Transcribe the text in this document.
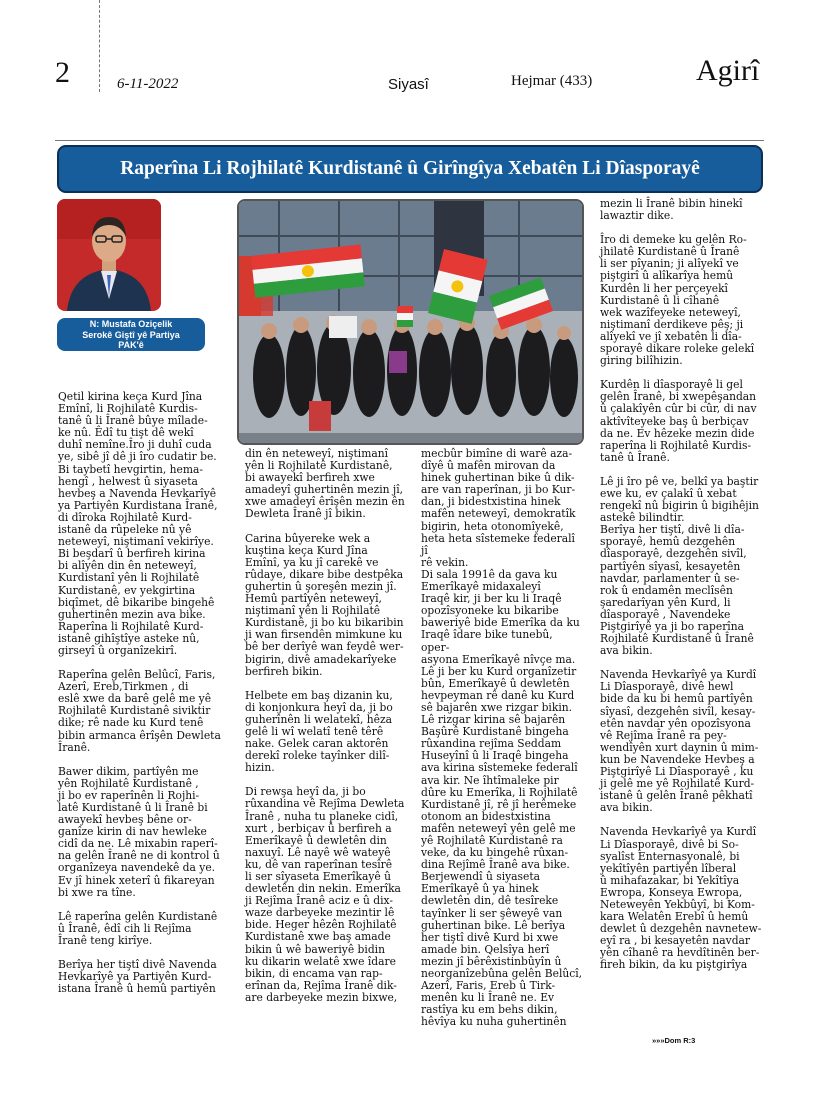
2	6-11-2022	Siyasî	Hejmar (433)	Agirî
Raperîna Li Rojhilatê Kurdistanê û Girîngîya Xebatên Li Dîasporayê
N: Mustafa Oziçelik
Serokê Giştî yê Partiya
PAK'ê

Qetil kirina keça Kurd Jîna
Emînî, li Rojhilatê Kurdis-
tanê û li Îranê bûye mîlade-
ke nû. Êdî tu tişt dê wekî
duhî nemîne.Îro ji duhî cuda
ye, sibê jî dê ji îro cudatir be.
Bi taybetî hevgirtin, hema-
hengî , helwest û siyaseta
hevbeş a Navenda Hevkarîyê
ya Partiyên Kurdistana Îranê,
di dîroka Rojhilatê Kurd-
istanê da rûpeleke nû yê
neteweyî, niştimanî vekirîye.
Bi beşdarî û berfireh kirina
bi alîyên din ên neteweyî,
Kurdistanî yên li Rojhilatê
Kurdistanê, ev yekgirtina
biqîmet, dê bikaribe bingehê
guhertinên mezin ava bike.
Raperîna li Rojhilatê Kurd-
istanê gihîştîye asteke nû,
girseyî û organîzekirî.

Raperîna gelên Belûcî, Faris,
Azerî, Ereb,Tirkmen , di
eslê xwe da barê gelê me yê
Rojhilatê Kurdistanê siviktir
dike; rê nade ku Kurd tenê
bibin armanca êrîşên Dewleta
Îranê.

Bawer dikim, partîyên me
yên Rojhilatê Kurdistanê ,
ji bo ev raperînên li Rojhi-
latê Kurdistanê û li Îranê bi
awayekî hevbeş bêne or-
ganîze kirin di nav hewleke
cidî da ne. Lê mixabin raperî-
na gelên Îranê ne di kontrol û
organîzeya navendekê da ye.
Ev jî hinek xeterî û fikareyan
bi xwe ra tîne.

Lê raperîna gelên Kurdistanê
û Îranê, êdî cih li Rejîma
Îranê teng kirîye.

Berîya her tiştî divê Navenda
Hevkarîyê ya Partiyên Kurd-
istana Îranê û hemû partiyên

din ên neteweyî, niştimanî
yên li Rojhilatê Kurdistanê,
bi awayekî berfireh xwe
amadeyî guhertinên mezin jî,
xwe amadeyî êrîşên mezin ên
Dewleta Îranê jî bikin.

Carina bûyereke wek a
kuştina keça Kurd Jîna
Emînî, ya ku jî carekê ve
rûdaye, dikare bibe destpêka
guhertin û şoreşên mezin jî.
Hemû partîyên neteweyî,
niştimanî yên li Rojhilatê
Kurdistanê, ji bo ku bikaribin
ji wan firsendên mimkune ku
bê ber derîyê wan feydê wer-
bigirin, divê amadekarîyeke
berfireh bikin.

Helbete em baş dizanin ku,
di konjonkura heyî da, ji bo
guherînên li welatekî, hêza
gelê li wî welatî tenê têrê
nake. Gelek caran aktorên
derekî roleke tayînker dilî-
hizin.

Di rewşa heyî da, ji bo
rûxandina vê Rejîma Dewleta
Îranê , nuha tu planeke cidî,
xurt , berbiçav û berfireh a
Emerîkayê û dewletên din
naxuyî. Lê nayê wê wateyê
ku, dê van raperînan tesîrê
li ser sîyaseta Emerîkayê û
dewletên din nekin. Emerîka
ji Rejîma Îranê aciz e û dix-
waze darbeyeke mezintir lê
bide. Heger hêzên Rojhilatê
Kurdistanê xwe baş amade
bikin û wê baweriyê bidin
ku dikarin welatê xwe îdare
bikin, di encama van rap-
erînan da, Rejîma Îranê dik-
are darbeyeke mezin bixwe,

mecbûr bimîne di warê aza-
dîyê û mafên mirovan da
hinek guhertinan bike û dik-
are van raperînan, ji bo Kur-
dan, ji bidestxistina hinek
mafên neteweyî, demokratîk
bigirin, heta otonomîyekê,
heta heta sîstemeke federalî jî
rê vekin.
Di sala 1991ê da gava ku
Emerîkayê midaxaleyî
Iraqê kir, ji ber ku li Iraqê
opozîsyoneke ku bikaribe
baweriyê bide Emerîka da ku
Iraqê îdare bike tunebû, oper-
asyona Emerîkayê nîvçe ma.
Lê ji ber ku Kurd organîzetir
bûn, Emerîkayê û dewletên
hevpeyman rê danê ku Kurd
sê bajarên xwe rizgar bikin.
Lê rizgar kirina sê bajarên
Başûrê Kurdistanê bingeha
rûxandina rejîma Seddam
Huseyînî û li Iraqê bingeha
ava kirina sîstemeke federalî
ava kir. Ne îhtîmaleke pir
dûre ku Emerîka, li Rojhilatê
Kurdistanê jî, rê jî herêmeke
otonom an bidestxistina
mafên neteweyî yên gelê me
yê Rojhilatê Kurdistanê ra
veke, da ku bingehê rûxan-
dina Rejîmê Îranê ava bike.
Berjewendî û siyaseta
Emerîkayê û ya hinek
dewletên din, dê tesîreke
tayînker li ser şêweyê van
guhertinan bike. Lê berîya
her tiştî divê Kurd bi xwe
amade bin. Qelsîya herî
mezin jî bêrêxistinbûyîn û
neorganîzebûna gelên Belûcî,
Azerî, Faris, Ereb û Tirk-
menên ku li Îranê ne. Ev
rastîya ku em behs dikin,
hêvîya ku nuha guhertinên

mezin li Îranê bibin hinekî
lawaztir dike.

Îro di demeke ku gelên Ro-
jhilatê Kurdistanê û Îranê
li ser pîyanin; ji alîyekî ve
piştgirî û alîkarîya hemû
Kurdên li her perçeyekî
Kurdistanê û li cîhanê
wek wazîfeyeke neteweyî,
niştimanî derdikeve pêş; ji
alîyekî ve jî xebatên li dîa-
sporayê dikare roleke gelekî
giring bilîhizin.

Kurdên li dîasporayê li gel
gelên Îranê, bi xwepêşandan
û çalakîyên cûr bi cûr, di nav
aktîvîteyeke baş û berbiçav
da ne. Ev hêzeke mezin dide
raperîna li Rojhilatê Kurdis-
tanê û Îranê.

Lê ji îro pê ve, belkî ya baştir
ewe ku, ev çalakî û xebat
rengekî nû bigirin û bigihêjin
astekê bilindtir.
Berîya her tiştî, divê li dîa-
sporayê, hemû dezgehên
dîasporayê, dezgehên sivîl,
partîyên sîyasî, kesayetên
navdar, parlamenter û se-
rok û endamên meclîsên
şaredarîyan yên Kurd, li
dîasporayê , Navendeke
Piştgirîyê ya ji bo raperîna
Rojhilatê Kurdistanê û Îranê
ava bikin.

Navenda Hevkarîyê ya Kurdî
Li Dîasporayê, divê hewl
bide da ku bi hemû partîyên
sîyasî, dezgehên sivîl, kesay-
etên navdar yên opozîsyona
vê Rejîma Îranê ra pey-
wendîyên xurt daynin û mim-
kun be Navendeke Hevbeş a
Piştgirîyê Li Dîasporayê , ku
ji gelê me yê Rojhilatê Kurd-
istanê û gelên Îranê pêkhatî
ava bikin.

Navenda Hevkarîyê ya Kurdî
Li Dîasporayê, divê bi So-
syalîst Enternasyonalê, bi
yekîtîyên partiyên lîberal
û mihafazakar, bi Yekîtîya
Ewropa, Konseya Ewropa,
Neteweyên Yekbûyî, bi Kom-
kara Welatên Erebî û hemû
dewlet û dezgehên navnetew-
eyî ra , bi kesayetên navdar
yên cîhanê ra hevdîtinên ber-
fireh bikin, da ku piştgirîya

»»»Dom R:3
